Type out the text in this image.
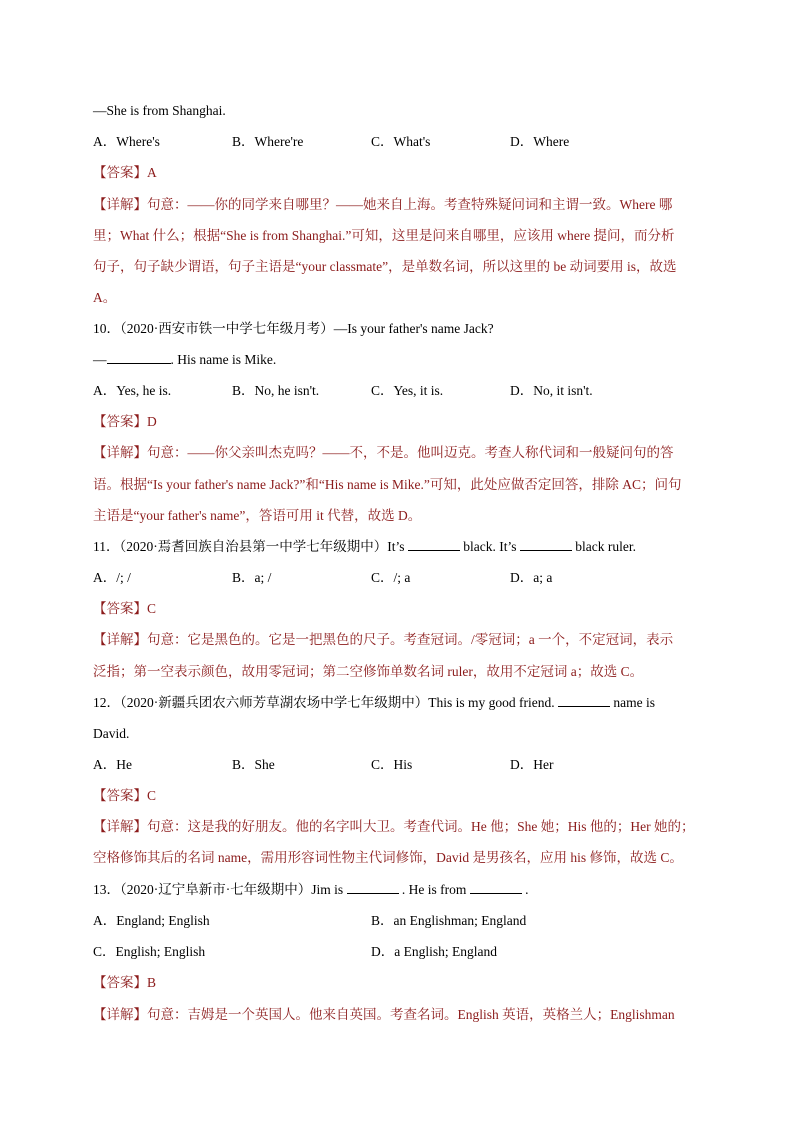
—She is from Shanghai.
A．Where's	B．Where're	C．What's	D．Where
【答案】A
【详解】句意：——你的同学来自哪里？——她来自上海。考查特殊疑问词和主谓一致。Where 哪
里；What 什么；根据“She is from Shanghai.”可知，这里是问来自哪里，应该用 where 提问，而分析
句子，句子缺少谓语，句子主语是“your classmate”，是单数名词，所以这里的 be 动词要用 is，故选
A。
10．（2020·西安市铁一中学七年级月考）—Is your father's name Jack?
—	. His name is Mike.
A．Yes, he is.	B．No, he isn't.	C．Yes, it is.	D．No, it isn't.
【答案】D
【详解】句意：——你父亲叫杰克吗？——不，不是。他叫迈克。考查人称代词和一般疑问句的答
语。根据“Is your father's name Jack?”和“His name is Mike.”可知，此处应做否定回答，排除 AC；问句
主语是“your father's name”，答语可用 it 代替，故选 D。
11．（2020·焉耆回族自治县第一中学七年级期中）It’s	black. It’s	black ruler.
A．/; /	B．a; /	C．/; a	D．a; a
【答案】C
【详解】句意：它是黑色的。它是一把黑色的尺子。考查冠词。/零冠词；a 一个，不定冠词，表示
泛指；第一空表示颜色，故用零冠词；第二空修饰单数名词 ruler，故用不定冠词 a；故选 C。
12．（2020·新疆兵团农六师芳草湖农场中学七年级期中）This is my good friend.	name is
David.
A．He	B．She	C．His	D．Her
【答案】C
【详解】句意：这是我的好朋友。他的名字叫大卫。考查代词。He 他；She 她；His 他的；Her 她的；
空格修饰其后的名词 name，需用形容词性物主代词修饰，David 是男孩名，应用 his 修饰，故选 C。
13．（2020·辽宁阜新市·七年级期中）Jim is	. He is from	.
A．England; English	B．an Englishman; England
C．English; English	D．a English; England
【答案】B
【详解】句意：吉姆是一个英国人。他来自英国。考查名词。English 英语，英格兰人；Englishman
